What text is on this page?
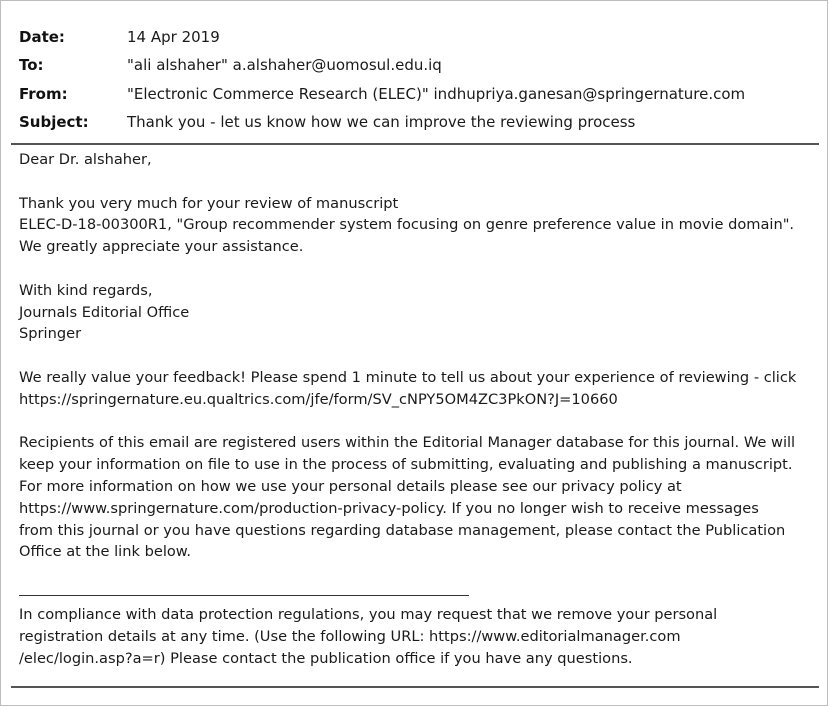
Date:	14 Apr 2019
To:	"ali alshaher" a.alshaher@uomosul.edu.iq
From:	"Electronic Commerce Research (ELEC)" indhupriya.ganesan@springernature.com
Subject:	Thank you - let us know how we can improve the reviewing process
Dear Dr. alshaher,
Thank you very much for your review of manuscript
ELEC-D-18-00300R1, "Group recommender system focusing on genre preference value in movie domain".
We greatly appreciate your assistance.
With kind regards,
Journals Editorial Office
Springer
We really value your feedback! Please spend 1 minute to tell us about your experience of reviewing - click
https://springernature.eu.qualtrics.com/jfe/form/SV_cNPY5OM4ZC3PkON?J=10660
Recipients of this email are registered users within the Editorial Manager database for this journal. We will
keep your information on file to use in the process of submitting, evaluating and publishing a manuscript.
For more information on how we use your personal details please see our privacy policy at
https://www.springernature.com/production-privacy-policy. If you no longer wish to receive messages
from this journal or you have questions regarding database management, please contact the Publication
Office at the link below.
In compliance with data protection regulations, you may request that we remove your personal
registration details at any time. (Use the following URL: https://www.editorialmanager.com
/elec/login.asp?a=r) Please contact the publication office if you have any questions.
